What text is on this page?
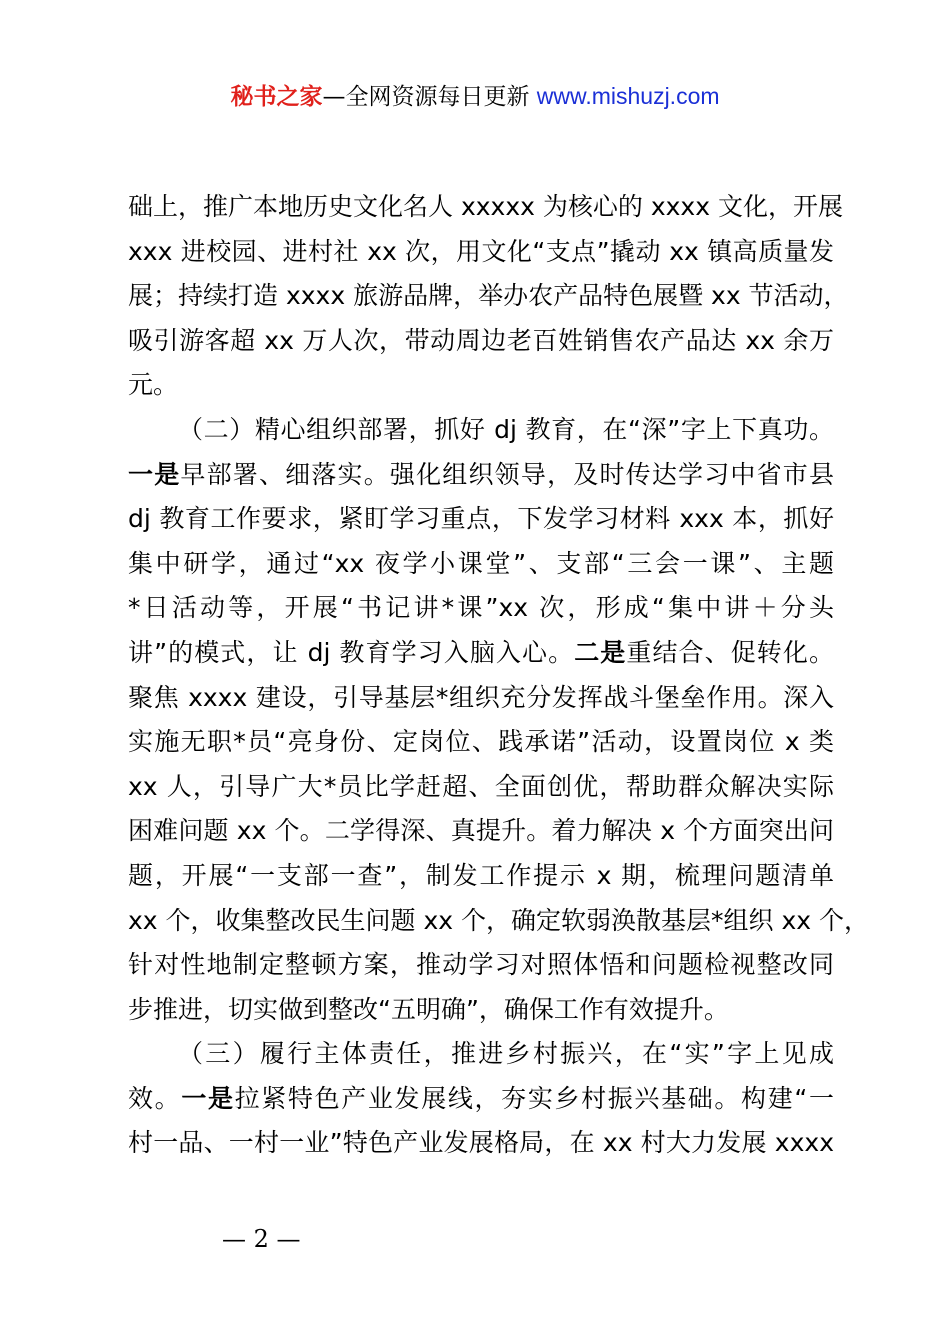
秘书之家—全网资源每日更新 www.mishuzj.com
础上，推广本地历史文化名人 xxxxx 为核心的 xxxx 文化，开展
xxx 进校园、进村社 xx 次，用文化“支点”撬动 xx 镇高质量发
展；持续打造 xxxx 旅游品牌，举办农产品特色展暨 xx 节活动，
吸引游客超 xx 万人次，带动周边老百姓销售农产品达 xx 余万
元。
（二）精心组织部署，抓好 dj 教育，在“深”字上下真功。
一是早部署、细落实。强化组织领导，及时传达学习中省市县
dj 教育工作要求，紧盯学习重点，下发学习材料 xxx 本，抓好
集中研学，通过“xx 夜学小课堂”、支部“三会一课”、主题
*日活动等，开展“书记讲*课”xx 次，形成“集中讲＋分头
讲”的模式，让 dj 教育学习入脑入心。二是重结合、促转化。
聚焦 xxxx 建设，引导基层*组织充分发挥战斗堡垒作用。深入
实施无职*员“亮身份、定岗位、践承诺”活动，设置岗位 x 类
xx 人，引导广大*员比学赶超、全面创优，帮助群众解决实际
困难问题 xx 个。二学得深、真提升。着力解决 x 个方面突出问
题，开展“一支部一查”，制发工作提示 x 期，梳理问题清单
xx 个，收集整改民生问题 xx 个，确定软弱涣散基层*组织 xx 个，
针对性地制定整顿方案，推动学习对照体悟和问题检视整改同
步推进，切实做到整改“五明确”，确保工作有效提升。
（三）履行主体责任，推进乡村振兴，在“实”字上见成
效。一是拉紧特色产业发展线，夯实乡村振兴基础。构建“一
村一品、一村一业”特色产业发展格局，在 xx 村大力发展 xxxx
— 2 —
